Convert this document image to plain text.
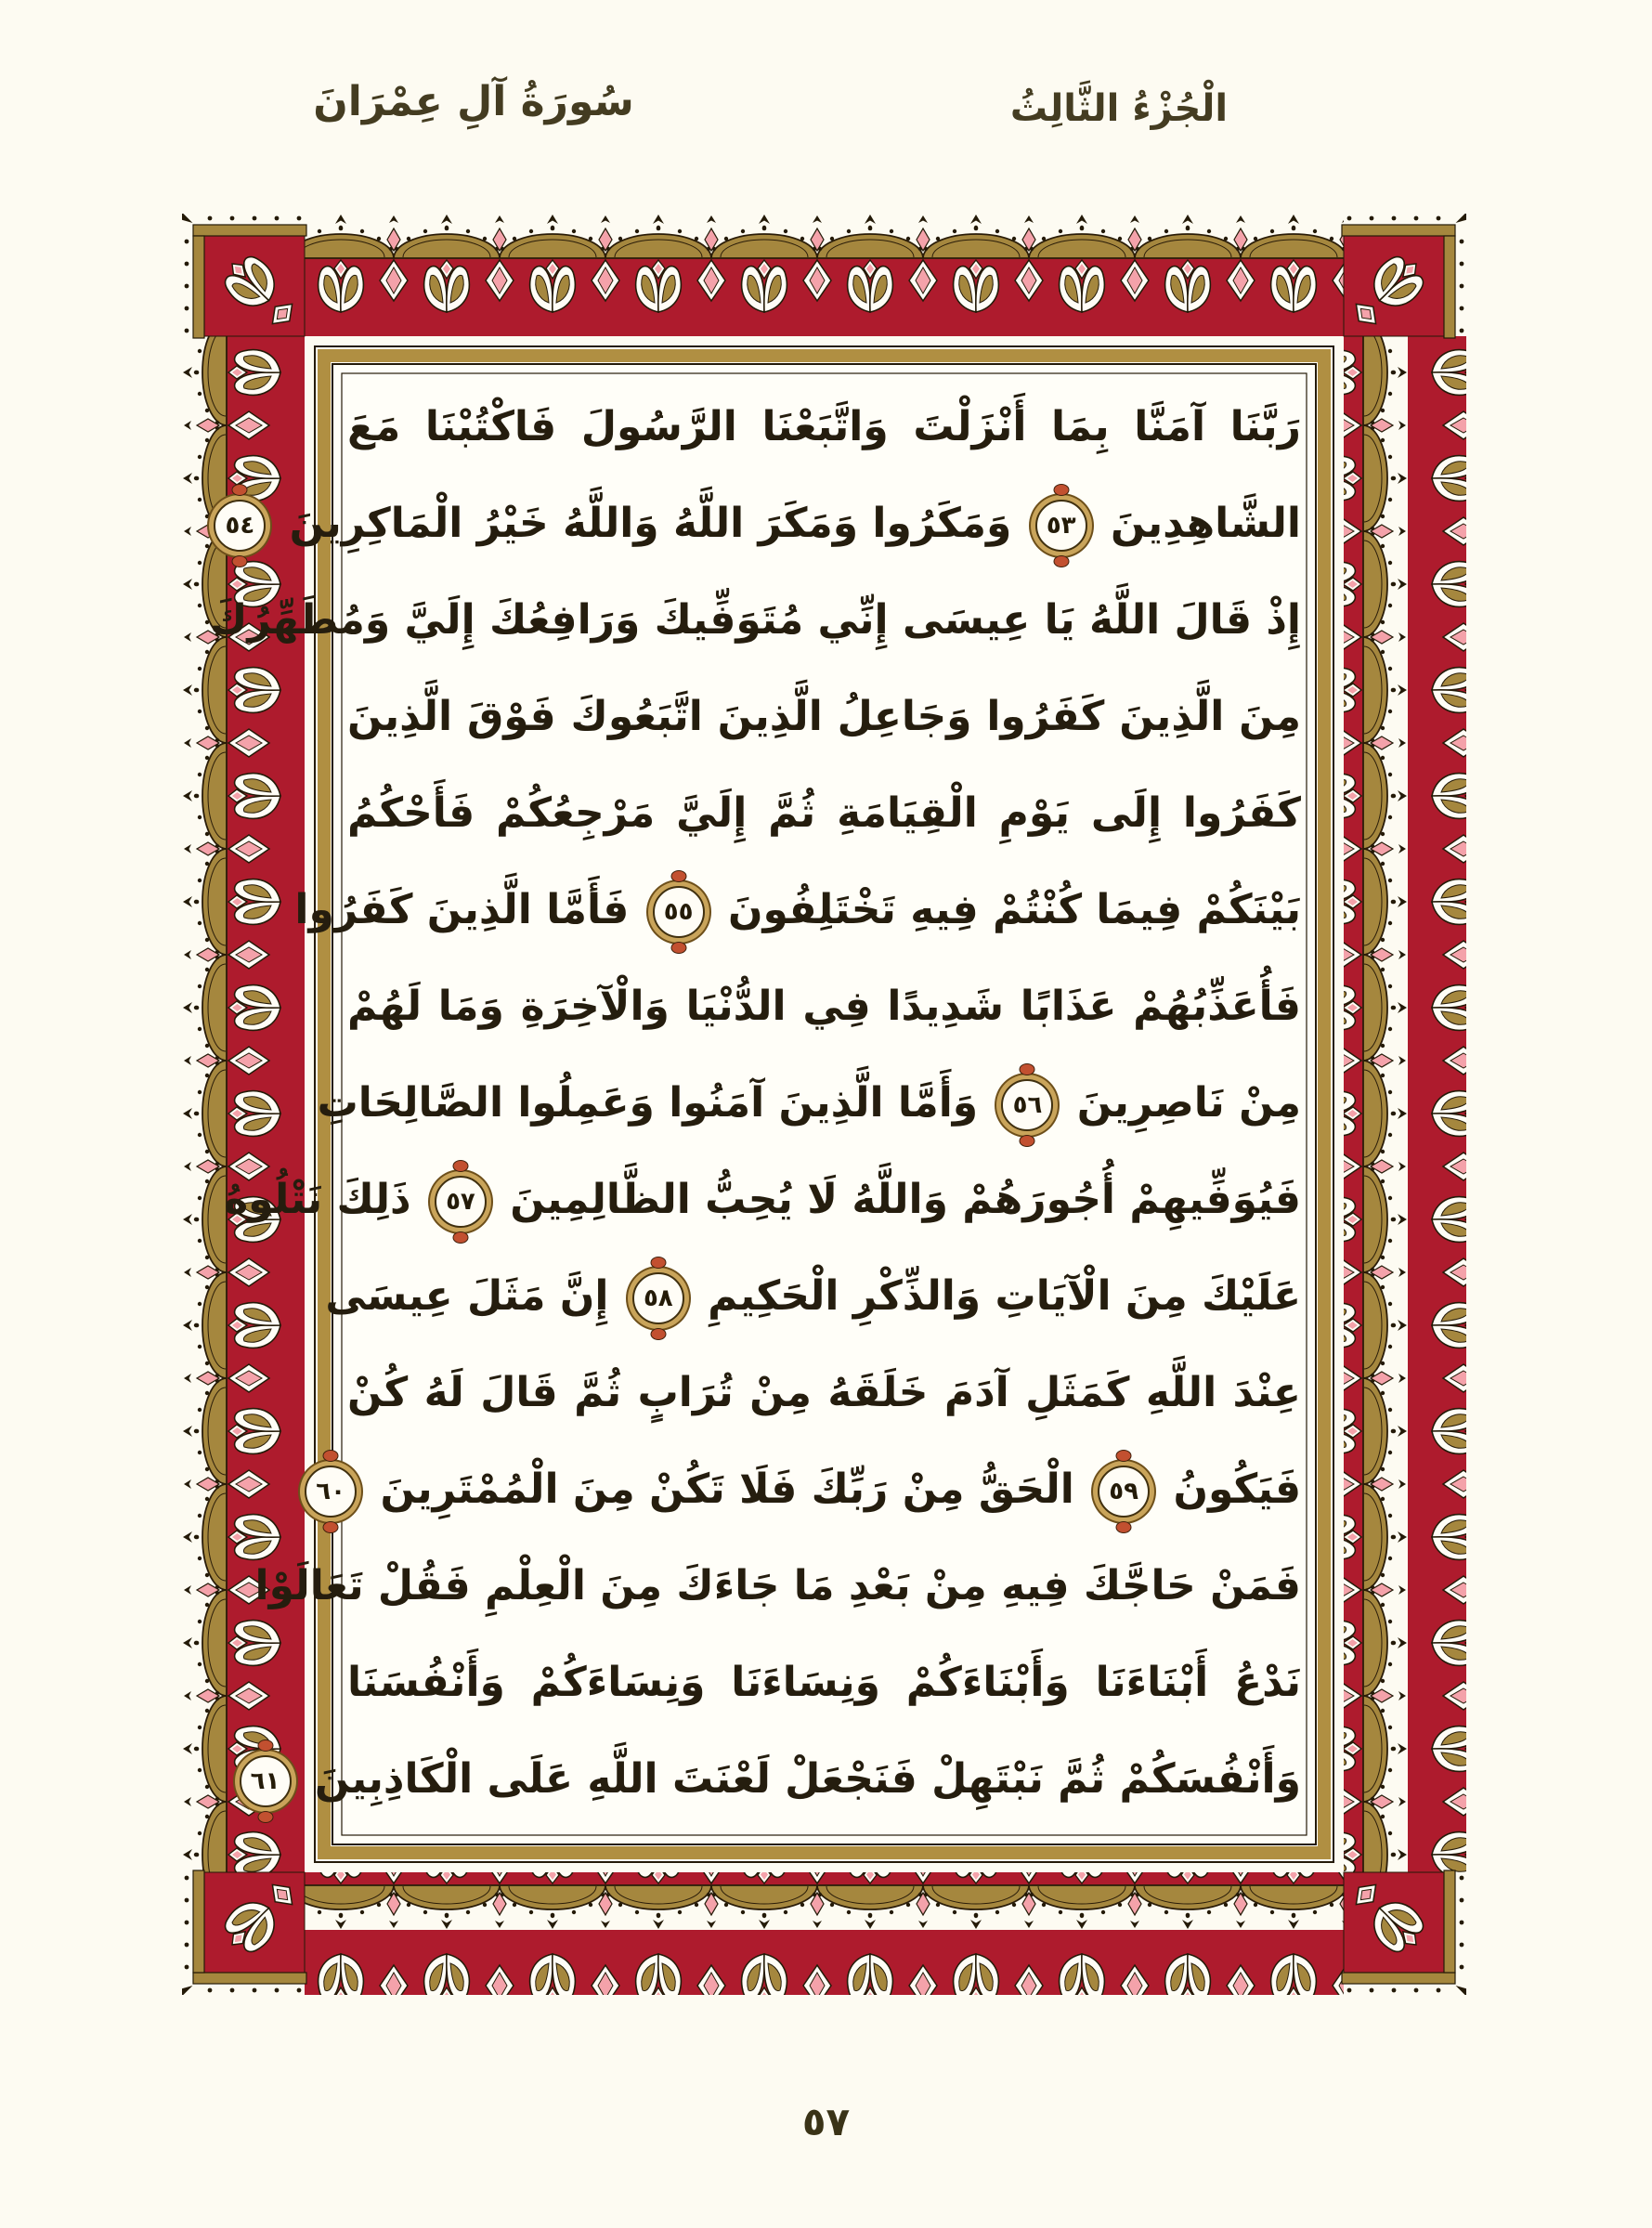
سُورَةُ آلِ عِمْرَانَ	الْجُزْءُ الثَّالِثُ
رَبَّنَا آمَنَّا بِمَا أَنْزَلْتَ وَاتَّبَعْنَا الرَّسُولَ فَاكْتُبْنَا مَعَ
الشَّاهِدِينَ ٥٣ وَمَكَرُوا وَمَكَرَ اللَّهُ وَاللَّهُ خَيْرُ الْمَاكِرِينَ ٥٤
إِذْ قَالَ اللَّهُ يَا عِيسَى إِنِّي مُتَوَفِّيكَ وَرَافِعُكَ إِلَيَّ وَمُطَهِّرُكَ
مِنَ الَّذِينَ كَفَرُوا وَجَاعِلُ الَّذِينَ اتَّبَعُوكَ فَوْقَ الَّذِينَ
كَفَرُوا إِلَى يَوْمِ الْقِيَامَةِ ثُمَّ إِلَيَّ مَرْجِعُكُمْ فَأَحْكُمُ
بَيْنَكُمْ فِيمَا كُنْتُمْ فِيهِ تَخْتَلِفُونَ ٥٥ فَأَمَّا الَّذِينَ كَفَرُوا
فَأُعَذِّبُهُمْ عَذَابًا شَدِيدًا فِي الدُّنْيَا وَالْآخِرَةِ وَمَا لَهُمْ
مِنْ نَاصِرِينَ ٥٦ وَأَمَّا الَّذِينَ آمَنُوا وَعَمِلُوا الصَّالِحَاتِ
فَيُوَفِّيهِمْ أُجُورَهُمْ وَاللَّهُ لَا يُحِبُّ الظَّالِمِينَ ٥٧ ذَلِكَ نَتْلُوهُ
عَلَيْكَ مِنَ الْآيَاتِ وَالذِّكْرِ الْحَكِيمِ ٥٨ إِنَّ مَثَلَ عِيسَى
عِنْدَ اللَّهِ كَمَثَلِ آدَمَ خَلَقَهُ مِنْ تُرَابٍ ثُمَّ قَالَ لَهُ كُنْ
فَيَكُونُ ٥٩ الْحَقُّ مِنْ رَبِّكَ فَلَا تَكُنْ مِنَ الْمُمْتَرِينَ ٦٠
فَمَنْ حَاجَّكَ فِيهِ مِنْ بَعْدِ مَا جَاءَكَ مِنَ الْعِلْمِ فَقُلْ تَعَالَوْا
نَدْعُ أَبْنَاءَنَا وَأَبْنَاءَكُمْ وَنِسَاءَنَا وَنِسَاءَكُمْ وَأَنْفُسَنَا
وَأَنْفُسَكُمْ ثُمَّ نَبْتَهِلْ فَنَجْعَلْ لَعْنَتَ اللَّهِ عَلَى الْكَاذِبِينَ ٦١
٥٧
